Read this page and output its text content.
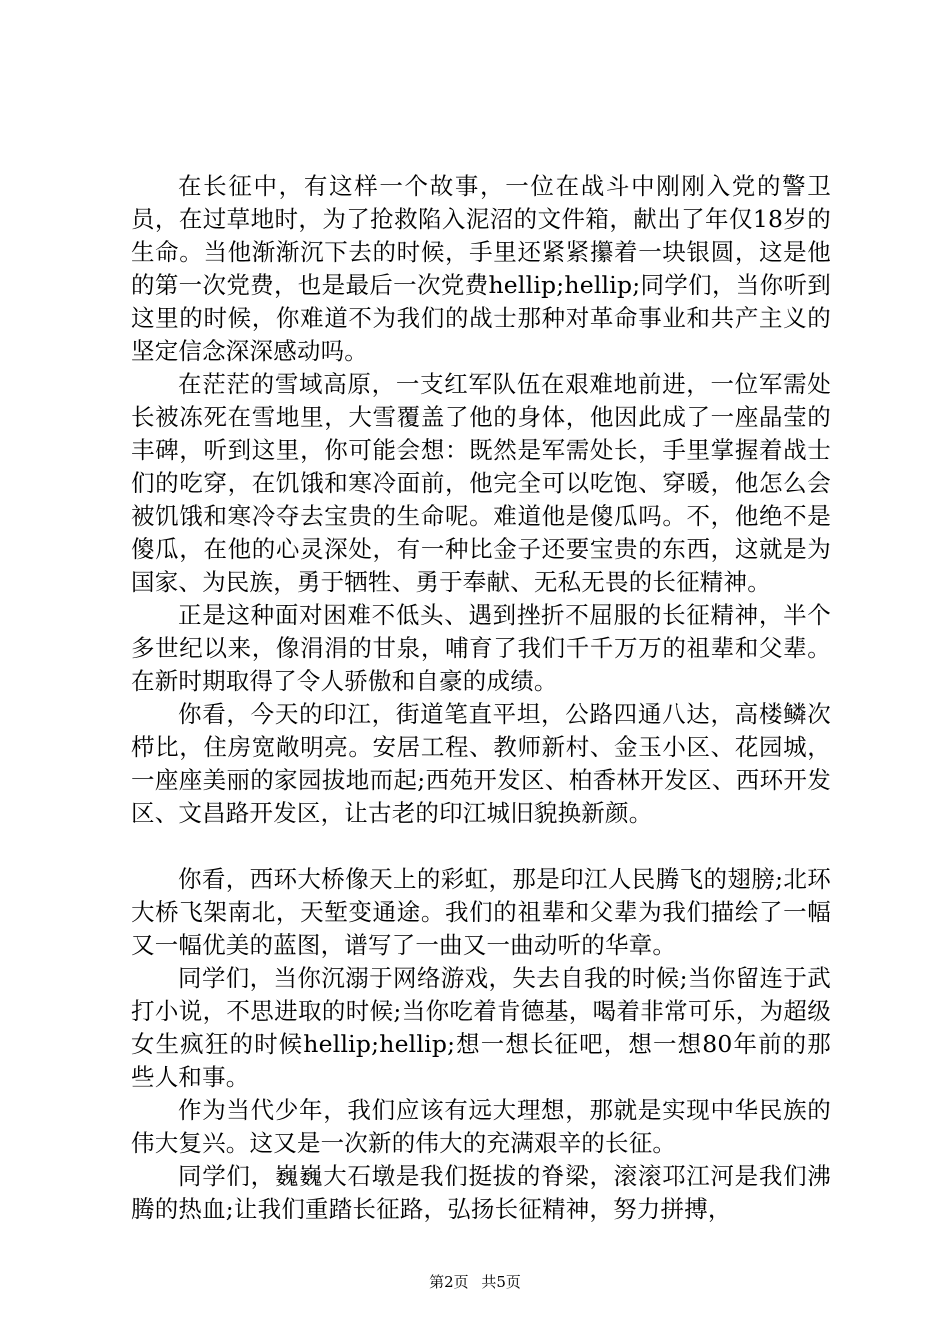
在长征中，有这样一个故事，一位在战斗中刚刚入党的警卫员，在过草地时，为了抢救陷入泥沼的文件箱，献出了年仅18岁的生命。当他渐渐沉下去的时候，手里还紧紧攥着一块银圆，这是他的第一次党费，也是最后一次党费hellip;hellip;同学们，当你听到这里的时候，你难道不为我们的战士那种对革命事业和共产主义的坚定信念深深感动吗。

在茫茫的雪域高原，一支红军队伍在艰难地前进，一位军需处长被冻死在雪地里，大雪覆盖了他的身体，他因此成了一座晶莹的丰碑，听到这里，你可能会想：既然是军需处长，手里掌握着战士们的吃穿，在饥饿和寒冷面前，他完全可以吃饱、穿暖，他怎么会被饥饿和寒冷夺去宝贵的生命呢。难道他是傻瓜吗。不，他绝不是傻瓜，在他的心灵深处，有一种比金子还要宝贵的东西，这就是为国家、为民族，勇于牺牲、勇于奉献、无私无畏的长征精神。

正是这种面对困难不低头、遇到挫折不屈服的长征精神，半个多世纪以来，像涓涓的甘泉，哺育了我们千千万万的祖辈和父辈。在新时期取得了令人骄傲和自豪的成绩。

你看，今天的印江，街道笔直平坦，公路四通八达，高楼鳞次栉比，住房宽敞明亮。安居工程、教师新村、金玉小区、花园城，一座座美丽的家园拔地而起;西苑开发区、柏香林开发区、西环开发区、文昌路开发区，让古老的印江城旧貌换新颜。

你看，西环大桥像天上的彩虹，那是印江人民腾飞的翅膀;北环大桥飞架南北，天堑变通途。我们的祖辈和父辈为我们描绘了一幅又一幅优美的蓝图，谱写了一曲又一曲动听的华章。

同学们，当你沉溺于网络游戏，失去自我的时候;当你留连于武打小说，不思进取的时候;当你吃着肯德基，喝着非常可乐，为超级女生疯狂的时候hellip;hellip;想一想长征吧，想一想80年前的那些人和事。

作为当代少年，我们应该有远大理想，那就是实现中华民族的伟大复兴。这又是一次新的伟大的充满艰辛的长征。

同学们，巍巍大石墩是我们挺拔的脊梁，滚滚邛江河是我们沸腾的热血;让我们重踏长征路，弘扬长征精神，努力拼搏，

第2页 共5页
